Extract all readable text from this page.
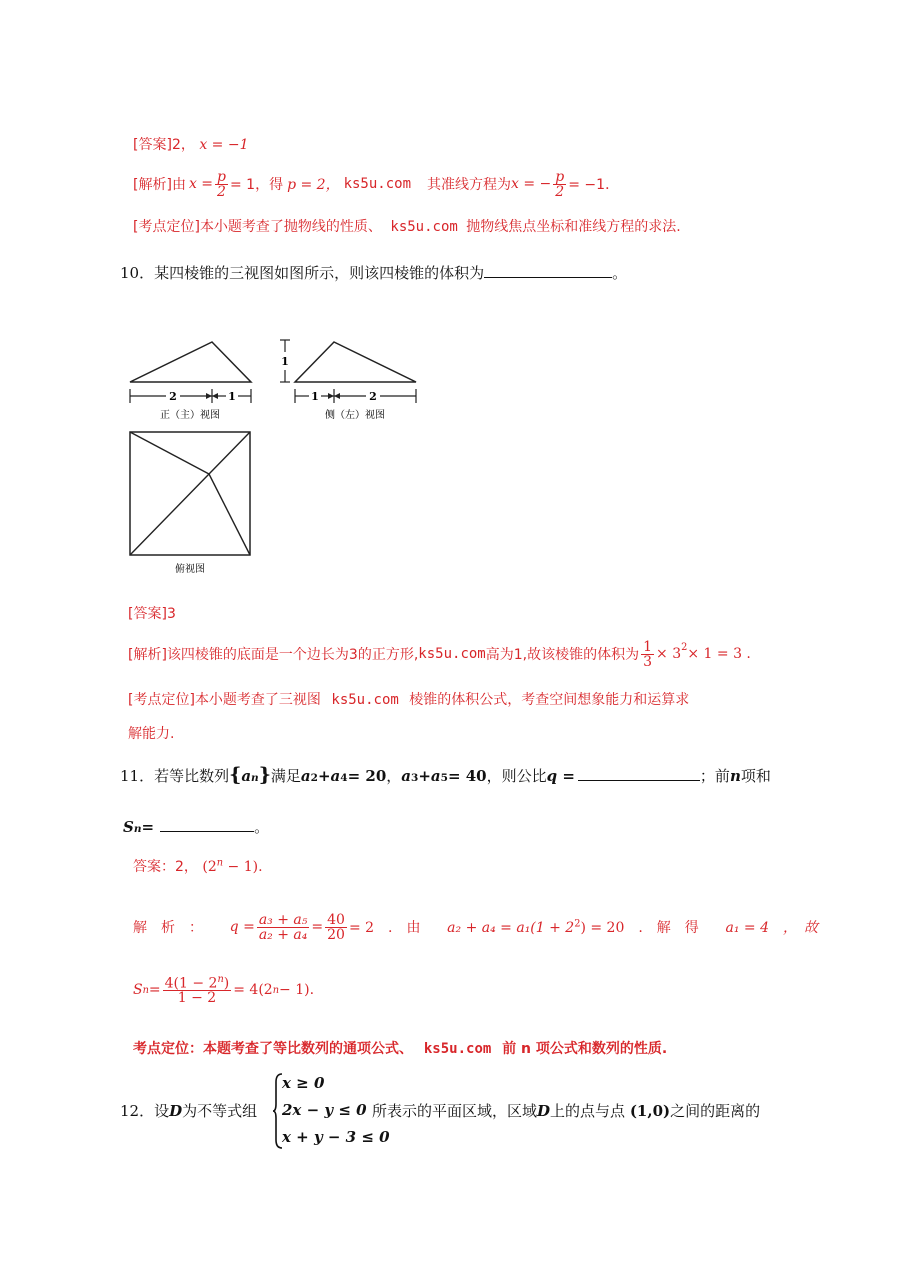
[答案]2， x = −1
[解析] 由 $x = \frac{p}{2} = 1$，得 p = 2， ks5u.com 其准线方程为 x = − $\frac{p}{2} = -1$．
[考点定位]本小题考查了抛物线的性质、 ks5u.com 抛物线焦点坐标和准线方程的求法.
10．某四棱锥的三视图如图所示，则该四棱锥的体积为	。
2	1
正（主）视图
1
1	2
侧（左）视图
俯视图
[答案]3
[解析] 该四棱锥的底面是一个边长为3的正方形, ks5u.com 高为1,故该棱锥的体积为 $\frac{1}{3} \times 3^2 \times 1 = 3$ .
[考点定位]本小题考查了三视图 ks5u.com 棱锥的体积公式，考查空间想象能力和运算求
解能力.
11．若等比数列 { a n } 满足 a 2 + a 4 = 20 ， a 3 + a 5 = 40 ，则公比 q =	；前 n 项和
S n =	。
答案：2， $(2^n - 1)$.
解　析　： $q = \frac{\text{a₃ + a₅}}{\text{a₂ + a₄}} = \frac{40}{20} = 2$　.　由 $a_2 + a_4 = a_1(1 + 2^2) = 20$　.　解　得 a₁ = 4　，　故
S $n = \frac{4(1 - 2^n)}{1 - 2} = 4(2$ n − 1).
考点定位：本题考查了等比数列的通项公式、 ks5u.com 前 n 项公式和数列的性质.
12．设D为不等式组
x ≥ 0
2x − y ≤ 0
x + y − 3 ≤ 0
所表示的平面区域，区域D上的点与点 (1,0)之间的距离的
